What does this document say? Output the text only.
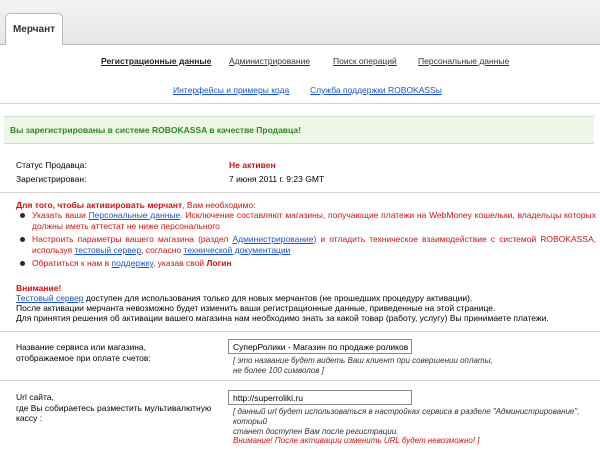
Мерчант
Регистрационные данные Администрирование	Поиск операций Персональные данные
Интерфейсы и примеры кода Служба поддержки ROBOKASSы
Вы зарегистрированы в системе ROBOKASSA в качестве Продавца!
Статус Продавца:	Не активен
Зарегистрирован:	7 июня 2011 г. 9:23 GMT
Для того, чтобы активировать мерчант, Вам необходимо:
Указать ваши Персональные данные. Исключение составляют магазины, получающие платежи на WebMoney кошельки, владельцы которых должны иметь аттестат не ниже персонального
Настроить параметры вашего магазина (раздел Администрирование) и отладить техническое взаимодействие с системой ROBOKASSA, используя тестовый сервер, согласно технической документации
Обратиться к нам в поддержку, указав свой Логин
Внимание!
Тестовый сервер доступен для использования только для новых мерчантов (не прошедших процедуру активации).
После активации мерчанта невозможно будет изменить ваши регистрационные данные, приведенные на этой странице.
Для принятия решения об активации вашего магазина нам необходимо знать за какой товар (работу, услугу) Вы принимаете платежи.
Название сервиса или магазина,
отображаемое при оплате счетов:
СуперРолики - Магазин по продаже роликов
[ это название будет видеть Ваш клиент при совершении оплаты,
не более 100 символов ]
Url сайта,
где Вы собираетесь разместить мультивалютную
кассу :
http://superroliki.ru
[ данный url будет использоваться в настройках сервиса в разделе "Администрирование", который
станет доступен Вам после регистрации.
Внимание! После активации изменить URL будет невозможно! ]
